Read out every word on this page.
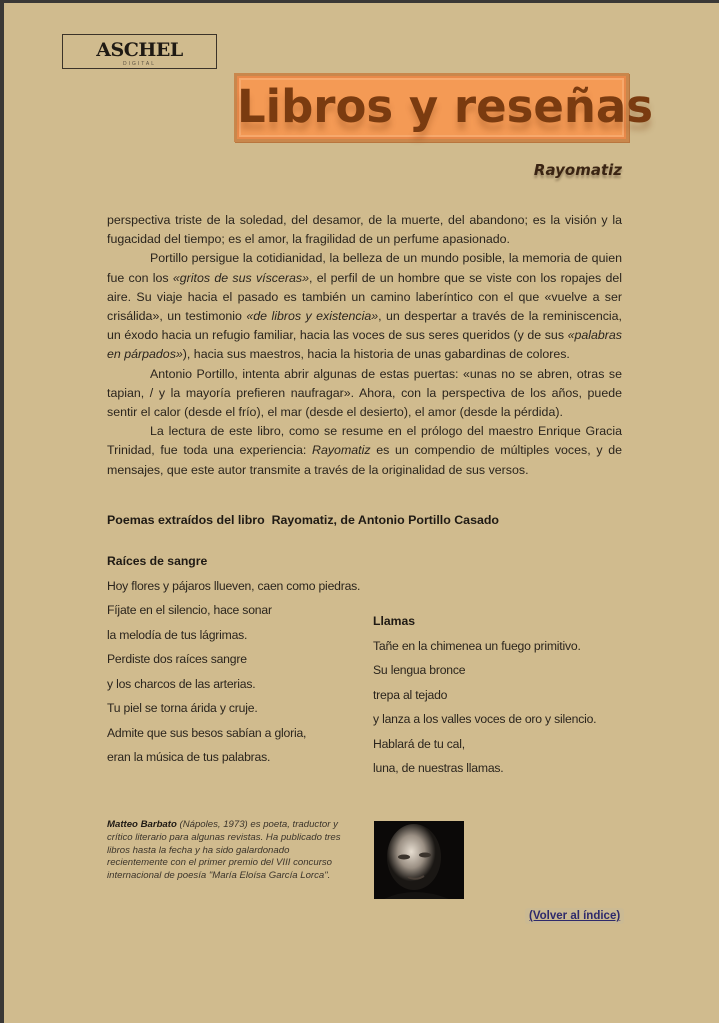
ASCHEL
DIGITAL
Libros y reseñas
Rayomatiz

perspectiva triste de la soledad, del desamor, de la muerte, del abandono; es la visión y la fugacidad del tiempo; es el amor, la fragilidad de un perfume apasionado.

Portillo persigue la cotidianidad, la belleza de un mundo posible, la memoria de quien fue con los «gritos de sus vísceras», el perfil de un hombre que se viste con los ropajes del aire. Su viaje hacia el pasado es también un camino laberíntico con el que «vuelve a ser crisálida», un testimonio «de libros y existencia», un despertar a través de la reminiscencia, un éxodo hacia un refugio familiar, hacia las voces de sus seres queridos (y de sus «palabras en párpados»), hacia sus maestros, hacia la historia de unas gabardinas de colores.

Antonio Portillo, intenta abrir algunas de estas puertas: «unas no se abren, otras se tapian, / y la mayoría prefieren naufragar». Ahora, con la perspectiva de los años, puede sentir el calor (desde el frío), el mar (desde el desierto), el amor (desde la pérdida).

La lectura de este libro, como se resume en el prólogo del maestro Enrique Gracia Trinidad, fue toda una experiencia: Rayomatiz es un compendio de múltiples voces, y de mensajes, que este autor transmite a través de la originalidad de sus versos.

Poemas extraídos del libro  Rayomatiz, de Antonio Portillo Casado
Raíces de sangre
Hoy flores y pájaros llueven, caen como piedras.
Fíjate en el silencio, hace sonar
la melodía de tus lágrimas.
Perdiste dos raíces sangre
y los charcos de las arterias.
Tu piel se torna árida y cruje.
Admite que sus besos sabían a gloria,
eran la música de tus palabras.
Llamas
Tañe en la chimenea un fuego primitivo.
Su lengua bronce
trepa al tejado
y lanza a los valles voces de oro y silencio.
Hablará de tu cal,
luna, de nuestras llamas.
Matteo Barbato (Nápoles, 1973) es poeta, traductor y crítico literario para algunas revistas. Ha publicado tres libros hasta la fecha y ha sido galardonado recientemente con el primer premio del VIII concurso internacional de poesía "María Eloísa García Lorca".
(Volver al índice)
